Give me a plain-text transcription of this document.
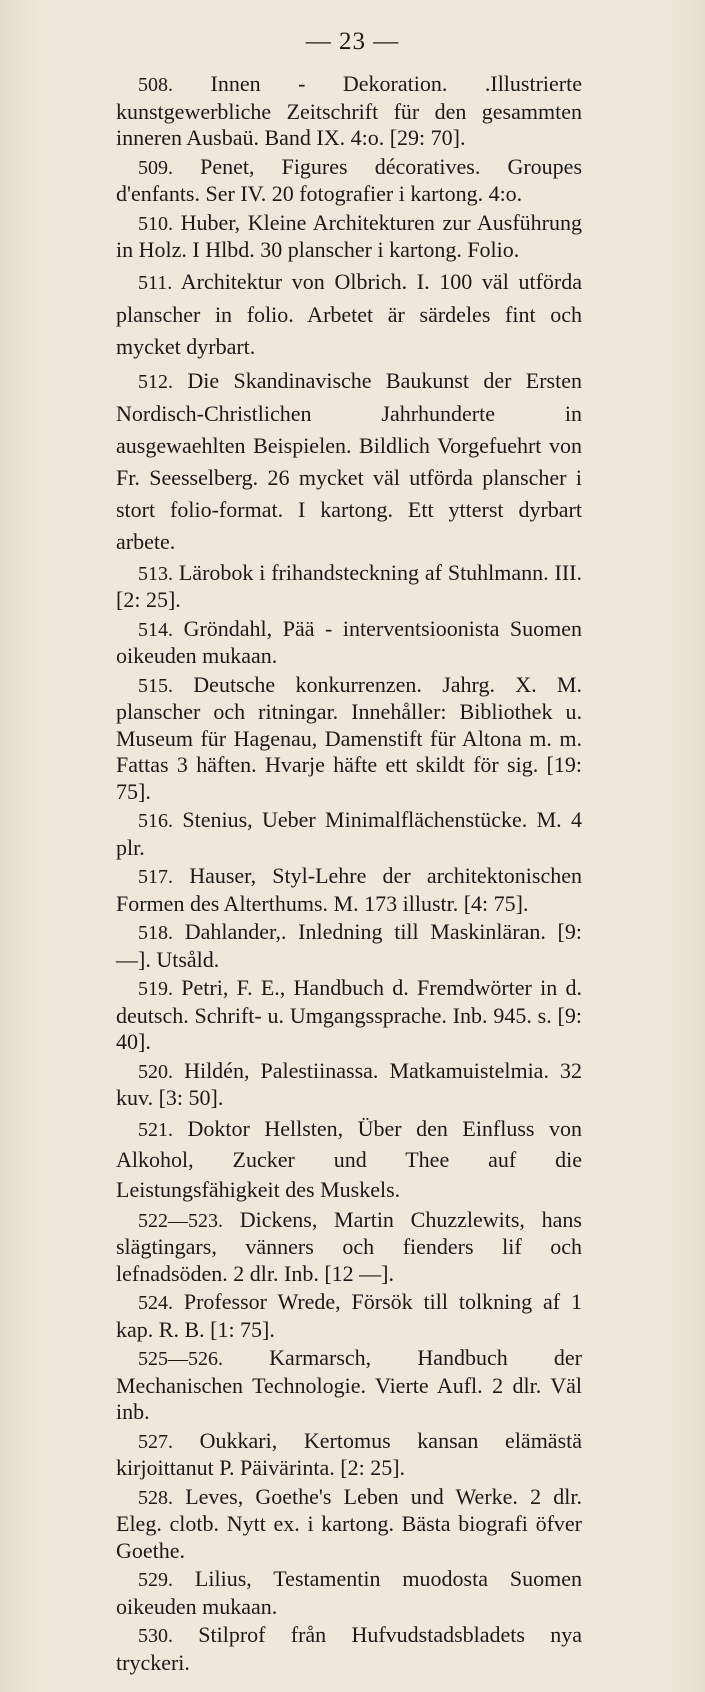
— 23 —

508. Innen - Dekoration. .Illustrierte kunstgewerbliche Zeitschrift für den gesammten inneren Ausbaü. Band IX. 4:o. [29: 70].

509. Penet, Figures décoratives. Groupes d'enfants. Ser IV. 20 fotografier i kartong. 4:o.

510. Huber, Kleine Architekturen zur Ausführung in Holz. I Hlbd. 30 planscher i kartong. Folio.

511. Architektur von Olbrich. I. 100 väl utförda planscher in folio. Arbetet är särdeles fint och mycket dyrbart.

512. Die Skandinavische Baukunst der Ersten Nordisch-Christlichen Jahrhunderte in ausgewaehlten Beispielen. Bildlich Vorgefuehrt von Fr. Seesselberg. 26 mycket väl utförda planscher i stort folio-format. I kartong. Ett ytterst dyrbart arbete.

513. Lärobok i frihandsteckning af Stuhlmann. III. [2: 25].

514. Gröndahl, Pää - interventsioonista Suomen oikeuden mukaan.

515. Deutsche konkurrenzen. Jahrg. X. M. planscher och ritningar. Innehåller: Bibliothek u. Museum für Hagenau, Damenstift für Altona m. m. Fattas 3 häften. Hvarje häfte ett skildt för sig. [19: 75].

516. Stenius, Ueber Minimalflächenstücke. M. 4 plr.

517. Hauser, Styl-Lehre der architektonischen Formen des Alterthums. M. 173 illustr. [4: 75].

518. Dahlander,. Inledning till Maskinläran. [9: —]. Utsåld.

519. Petri, F. E., Handbuch d. Fremdwörter in d. deutsch. Schrift- u. Umgangssprache. Inb. 945. s. [9: 40].

520. Hildén, Palestiinassa. Matkamuistelmia. 32 kuv. [3: 50].

521. Doktor Hellsten, Über den Einfluss von Alkohol, Zucker und Thee auf die Leistungsfähigkeit des Muskels.

522—523. Dickens, Martin Chuzzlewits, hans slägtingars, vänners och fienders lif och lefnadsöden. 2 dlr. Inb. [12 —].

524. Professor Wrede, Försök till tolkning af 1 kap. R. B. [1: 75].

525—526. Karmarsch, Handbuch der Mechanischen Technologie. Vierte Aufl. 2 dlr. Väl inb.

527. Oukkari, Kertomus kansan elämästä kirjoittanut P. Päivärinta. [2: 25].

528. Leves, Goethe's Leben und Werke. 2 dlr. Eleg. clotb. Nytt ex. i kartong. Bästa biografi öfver Goethe.

529. Lilius, Testamentin muodosta Suomen oikeuden mukaan.

530. Stilprof från Hufvudstadsbladets nya tryckeri.
